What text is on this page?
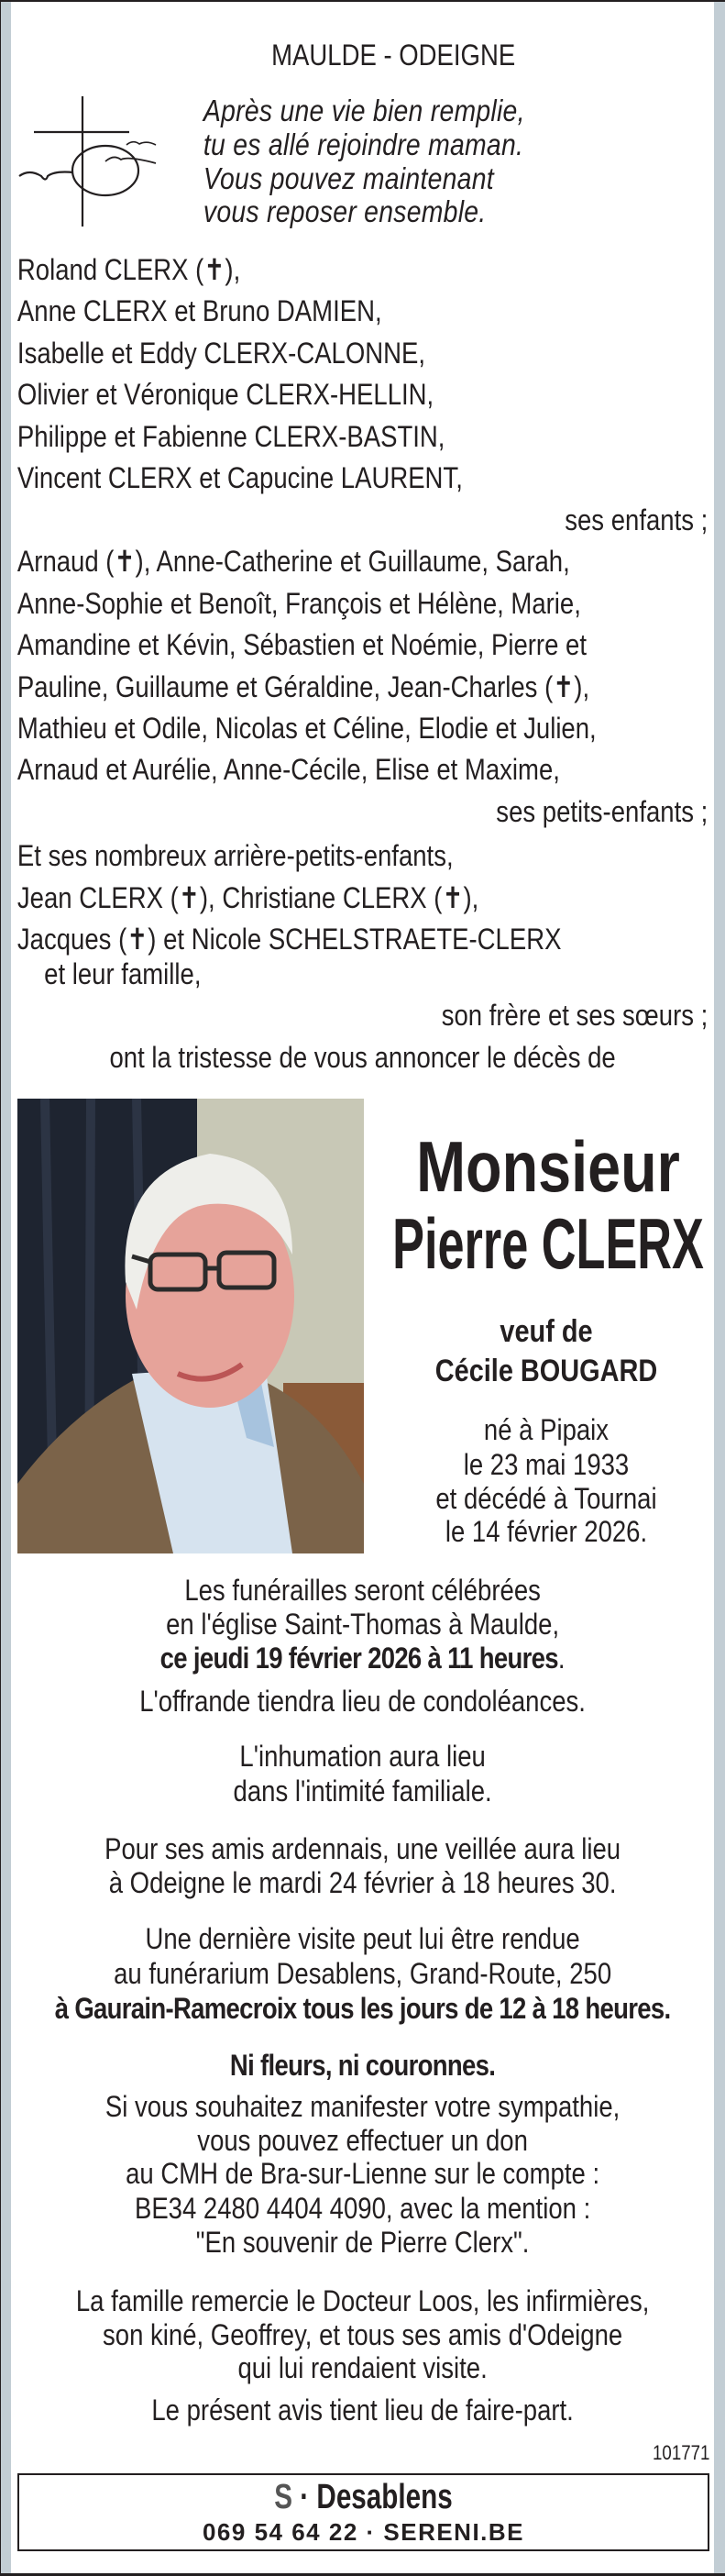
MAULDE - ODEIGNE
Après une vie bien remplie,
tu es allé rejoindre maman.
Vous pouvez maintenant
vous reposer ensemble.
Roland CLERX (✝),
Anne CLERX et Bruno DAMIEN,
Isabelle et Eddy CLERX-CALONNE,
Olivier et Véronique CLERX-HELLIN,
Philippe et Fabienne CLERX-BASTIN,
Vincent CLERX et Capucine LAURENT,
ses enfants ;
Arnaud (✝), Anne-Catherine et Guillaume, Sarah,
Anne-Sophie et Benoît, François et Hélène, Marie,
Amandine et Kévin, Sébastien et Noémie, Pierre et
Pauline, Guillaume et Géraldine, Jean-Charles (✝),
Mathieu et Odile, Nicolas et Céline, Elodie et Julien,
Arnaud et Aurélie, Anne-Cécile, Elise et Maxime,
ses petits-enfants ;
Et ses nombreux arrière-petits-enfants,
Jean CLERX (✝), Christiane CLERX (✝),
Jacques (✝) et Nicole SCHELSTRAETE-CLERX
et leur famille,
son frère et ses sœurs ;
ont la tristesse de vous annoncer le décès de
né à Pipaix
le 23 mai 1933
et décédé à Tournai
le 14 février 2026.
Les funérailles seront célébrées
en l'église Saint-Thomas à Maulde,
ce jeudi 19 février 2026 à 11 heures.
L'offrande tiendra lieu de condoléances.
L'inhumation aura lieu
dans l'intimité familiale.
Pour ses amis ardennais, une veillée aura lieu
à Odeigne le mardi 24 février à 18 heures 30.
Une dernière visite peut lui être rendue
au funérarium Desablens, Grand-Route, 250
à Gaurain-Ramecroix tous les jours de 12 à 18 heures.
Ni fleurs, ni couronnes.
Si vous souhaitez manifester votre sympathie,
vous pouvez effectuer un don
au CMH de Bra-sur-Lienne sur le compte :
BE34 2480 4404 4090, avec la mention :
"En souvenir de Pierre Clerx".
La famille remercie le Docteur Loos, les infirmières,
son kiné, Geoffrey, et tous ses amis d'Odeigne
qui lui rendaient visite.
Le présent avis tient lieu de faire-part.
Monsieur
Pierre CLERX
veuf de
Cécile BOUGARD
101771
S · Desablens
069 54 64 22 · SERENI.BE
